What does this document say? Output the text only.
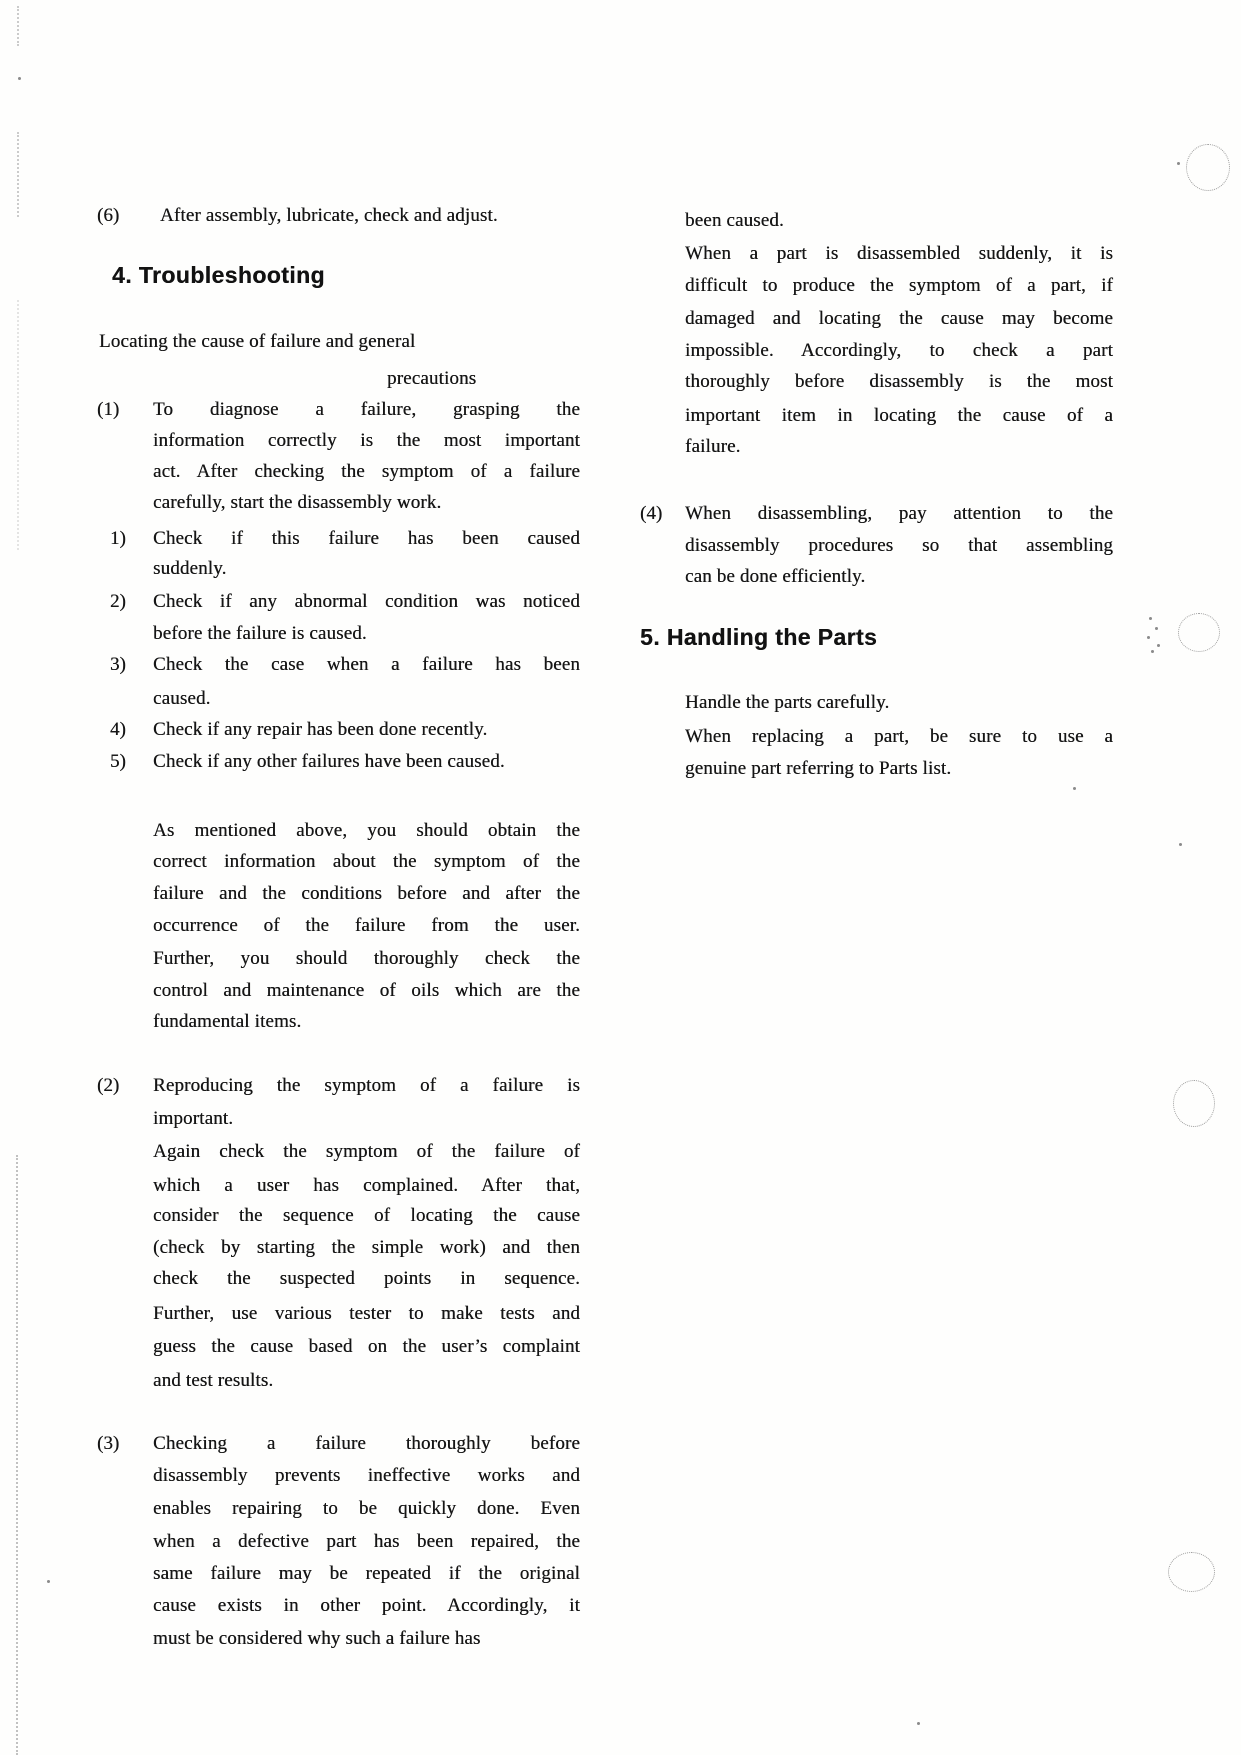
4. Troubleshooting
5. Handling the Parts
(6) After assembly, lubricate, check and adjust.
Locating the cause of failure and general
precautions
(1) To diagnose a failure, grasping the
information correctly is the most important
act. After checking the symptom of a failure
carefully, start the disassembly work.
1) Check if this failure has been caused
suddenly.
2) Check if any abnormal condition was noticed
before the failure is caused.
3) Check the case when a failure has been
caused.
4) Check if any repair has been done recently.
5) Check if any other failures have been caused.
As mentioned above, you should obtain the
correct information about the symptom of the
failure and the conditions before and after the
occurrence of the failure from the user.
Further, you should thoroughly check the
control and maintenance of oils which are the
fundamental items.
(2) Reproducing the symptom of a failure is
important.
Again check the symptom of the failure of
which a user has complained. After that,
consider the sequence of locating the cause
(check by starting the simple work) and then
check the suspected points in sequence.
Further, use various tester to make tests and
guess the cause based on the user’s complaint
and test results.
(3) Checking a failure thoroughly before
disassembly prevents ineffective works and
enables repairing to be quickly done. Even
when a defective part has been repaired, the
same failure may be repeated if the original
cause exists in other point. Accordingly, it
must be considered why such a failure has
been caused.
When a part is disassembled suddenly, it is
difficult to produce the symptom of a part, if
damaged and locating the cause may become
impossible. Accordingly, to check a part
thoroughly before disassembly is the most
important item in locating the cause of a
failure.
(4) When disassembling, pay attention to the
disassembly procedures so that assembling
can be done efficiently.
Handle the parts carefully.
When replacing a part, be sure to use a
genuine part referring to Parts list.
